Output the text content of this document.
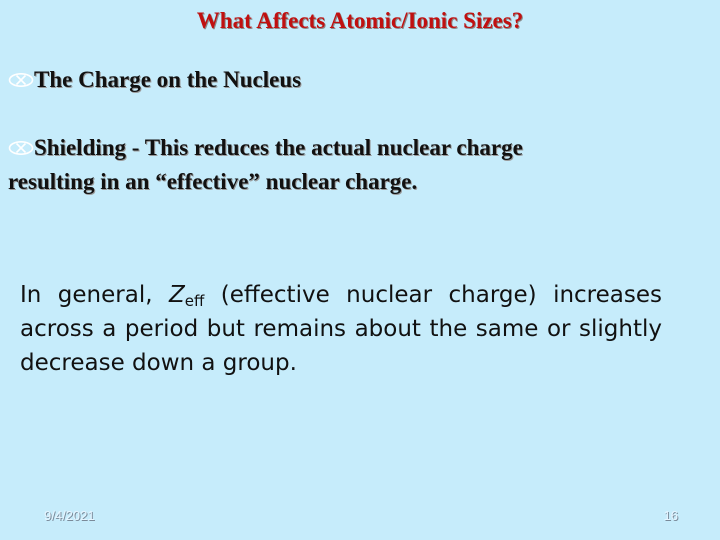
What Affects Atomic/Ionic Sizes?
The Charge on the Nucleus
Shielding - This reduces the actual nuclear charge
resulting in an “effective” nuclear charge.
In general, $Z_{eff}$ (effective nuclear charge) increases across a period but remains about the same or slightly decrease down a group.
9/4/2021	16
